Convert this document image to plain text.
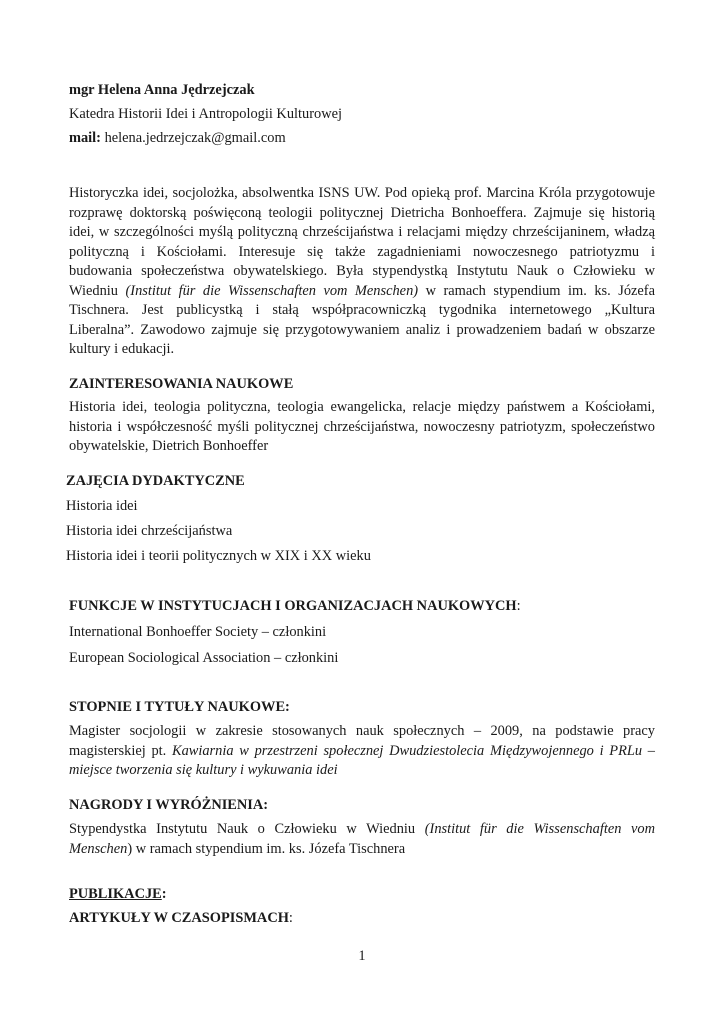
mgr Helena Anna Jędrzejczak
Katedra Historii Idei i Antropologii Kulturowej
mail: helena.jedrzejczak@gmail.com
Historyczka idei, socjolożka, absolwentka ISNS UW. Pod opieką prof. Marcina Króla przygotowuje
rozprawę doktorską poświęconą teologii politycznej Dietricha Bonhoeffera. Zajmuje się historią
idei, w szczególności myślą polityczną chrześcijaństwa i relacjami między chrześcijaninem, władzą
polityczną i Kościołami. Interesuje się także zagadnieniami nowoczesnego patriotyzmu i
budowania społeczeństwa obywatelskiego. Była stypendystką Instytutu Nauk o Człowieku w
Wiedniu (Institut für die Wissenschaften vom Menschen) w ramach stypendium im. ks. Józefa
Tischnera. Jest publicystką i stałą współpracowniczką tygodnika internetowego „Kultura
Liberalna”. Zawodowo zajmuje się przygotowywaniem analiz i prowadzeniem badań w obszarze
kultury i edukacji.
ZAINTERESOWANIA NAUKOWE
Historia idei, teologia polityczna, teologia ewangelicka, relacje między państwem a Kościołami,
historia i współczesność myśli politycznej chrześcijaństwa, nowoczesny patriotyzm, społeczeństwo
obywatelskie, Dietrich Bonhoeffer
ZAJĘCIA DYDAKTYCZNE
Historia idei
Historia idei chrześcijaństwa
Historia idei i teorii politycznych w XIX i XX wieku
FUNKCJE W INSTYTUCJACH I ORGANIZACJACH NAUKOWYCH:
International Bonhoeffer Society – członkini
European Sociological Association – członkini
STOPNIE I TYTUŁY NAUKOWE:
Magister socjologii w zakresie stosowanych nauk społecznych – 2009, na podstawie pracy
magisterskiej pt. Kawiarnia w przestrzeni społecznej Dwudziestolecia Międzywojennego i PRLu –
miejsce tworzenia się kultury i wykuwania idei
NAGRODY I WYRÓŻNIENIA:
Stypendystka Instytutu Nauk o Człowieku w Wiedniu (Institut für die Wissenschaften vom
Menschen) w ramach stypendium im. ks. Józefa Tischnera
PUBLIKACJE:
ARTYKUŁY W CZASOPISMACH:
1
